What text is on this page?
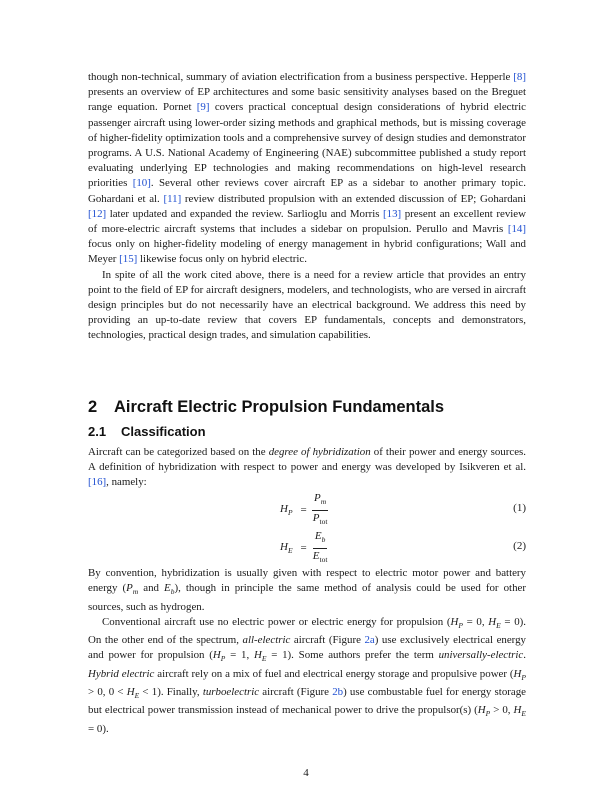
though non-technical, summary of aviation electrification from a business perspective. Hepperle [8] presents an overview of EP architectures and some basic sensitivity analyses based on the Breguet range equation. Pornet [9] covers practical conceptual design considerations of hybrid electric passenger aircraft using lower-order sizing methods and graphical methods, but is missing coverage of higher-fidelity optimization tools and a comprehensive survey of design studies and demonstrator programs. A U.S. National Academy of Engineering (NAE) subcommittee published a study report evaluating underlying EP technologies and making recommendations on high-level research priorities [10]. Several other reviews cover aircraft EP as a sidebar to another primary topic. Gohardani et al. [11] review distributed propulsion with an extended discussion of EP; Gohardani [12] later updated and expanded the review. Sarlioglu and Morris [13] present an excellent review of more-electric aircraft systems that includes a sidebar on propulsion. Perullo and Mavris [14] focus only on higher-fidelity modeling of energy management in hybrid configurations; Wall and Meyer [15] likewise focus only on hybrid electric.

In spite of all the work cited above, there is a need for a review article that provides an entry point to the field of EP for aircraft designers, modelers, and technologists, who are versed in aircraft design principles but do not necessarily have an electrical background. We address this need by providing an up-to-date review that covers EP fundamentals, concepts and demonstrators, technologies, practical design trades, and simulation capabilities.

2 Aircraft Electric Propulsion Fundamentals
2.1 Classification

Aircraft can be categorized based on the degree of hybridization of their power and energy sources. A definition of hybridization with respect to power and energy was developed by Isikveren et al. [16], namely:

$H_P = \frac{P_m}{P_{tot}}$	(1)
$H_E = \frac{E_b}{E_{tot}}$	(2)

By convention, hybridization is usually given with respect to electric motor power and battery energy ($P_m$ and $E_b$), though in principle the same method of analysis could be used for other sources, such as hydrogen.

Conventional aircraft use no electric power or electric energy for propulsion ($H_P = 0$, $H_E = 0$). On the other end of the spectrum, all-electric aircraft (Figure 2a) use exclusively electrical energy and power for propulsion ($H_P = 1$, $H_E = 1$). Some authors prefer the term universally-electric. Hybrid electric aircraft rely on a mix of fuel and electrical energy storage and propulsive power ($H_P > 0$, $0 < H_E < 1$). Finally, turboelectric aircraft (Figure 2b) use combustable fuel for energy storage but electrical power transmission instead of mechanical power to drive the propulsor(s) ($H_P > 0$, $H_E = 0$).

4
